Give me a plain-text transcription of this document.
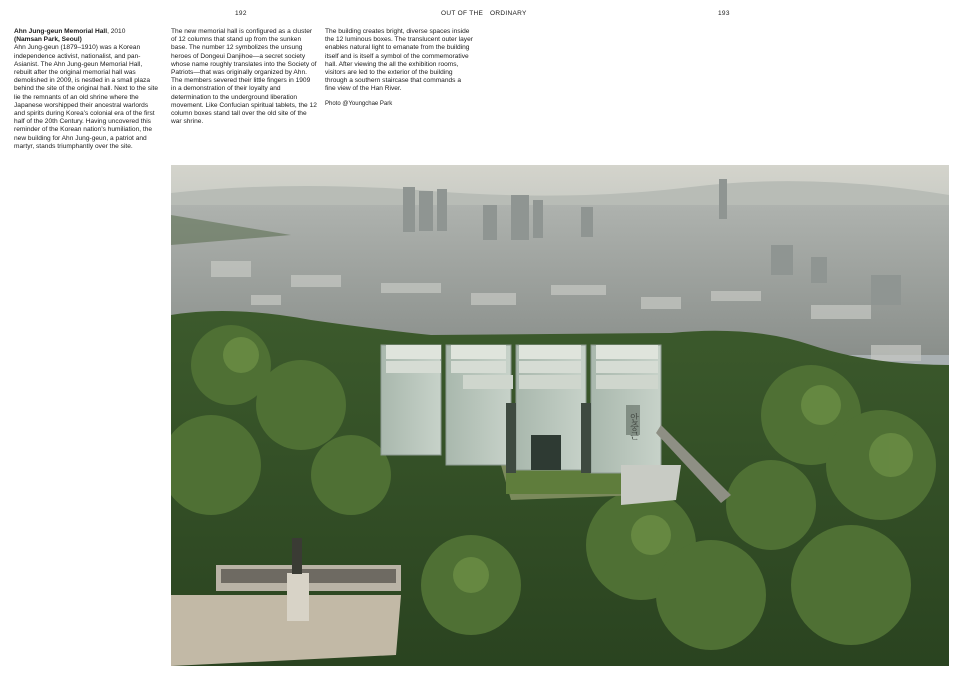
192	OUT OF THE ORDINARY	193

Ahn Jung-geun Memorial Hall, 2010
(Namsan Park, Seoul)
Ahn Jung-geun (1879–1910) was a Korean independence activist, nationalist, and pan-Asianist. The Ahn Jung-geun Memorial Hall, rebuilt after the original memorial hall was demolished in 2009, is nestled in a small plaza behind the site of the original hall. Next to the site lie the remnants of an old shrine where the Japanese worshipped their ancestral warlords and spirits during Korea’s colonial era of the first half of the 20th Century. Having uncovered this reminder of the Korean nation’s humiliation, the new building for Ahn Jung-geun, a patriot and martyr, stands triumphantly over the site.

The new memorial hall is configured as a cluster of 12 columns that stand up from the sunken base. The number 12 symbolizes the unsung heroes of Dongeui Danjihoe—a secret society whose name roughly translates into the Society of Patriots—that was originally organized by Ahn. The members severed their little fingers in 1909 in a demonstration of their loyalty and determination to the underground liberation movement. Like Confucian spiritual tablets, the 12 column boxes stand tall over the old site of the war shrine.

The building creates bright, diverse spaces inside the 12 luminous boxes. The translucent outer layer enables natural light to emanate from the building itself and is itself a symbol of the commemorative hall. After viewing the all the exhibition rooms, visitors are led to the exterior of the building through a southern staircase that commands a fine view of the Han River.

Photo @Youngchae Park

안중근
